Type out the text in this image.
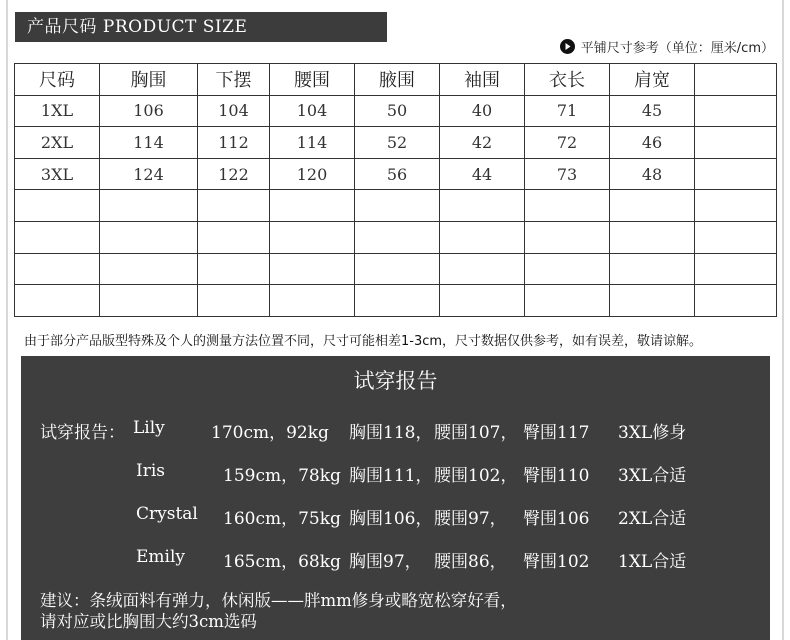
产品尺码 PRODUCT SIZE
平铺尺寸参考（单位：厘米/cm）
尺码	胸围	下摆	腰围	腋围	袖围	衣长	肩宽	
1XL	106	104	104	50	40	71	45	
2XL	114	112	114	52	42	72	46	
3XL	124	122	120	56	44	73	48	

由于部分产品版型特殊及个人的测量方法位置不同，尺寸可能相差1-3cm，尺寸数据仅供参考，如有误差，敬请谅解。
试穿报告
试穿报告： Lily	170cm，92kg 胸围118， 腰围107， 臀围117 3XL修身
Iris	159cm，78kg 胸围111， 腰围102， 臀围110 3XL合适
Crystal 160cm，75kg 胸围106， 腰围97， 臀围106 2XL合适
Emily 165cm，68kg 胸围97， 腰围86， 臀围102 1XL合适
建议：条绒面料有弹力，休闲版——胖mm修身或略宽松穿好看，
请对应或比胸围大约3cm选码
